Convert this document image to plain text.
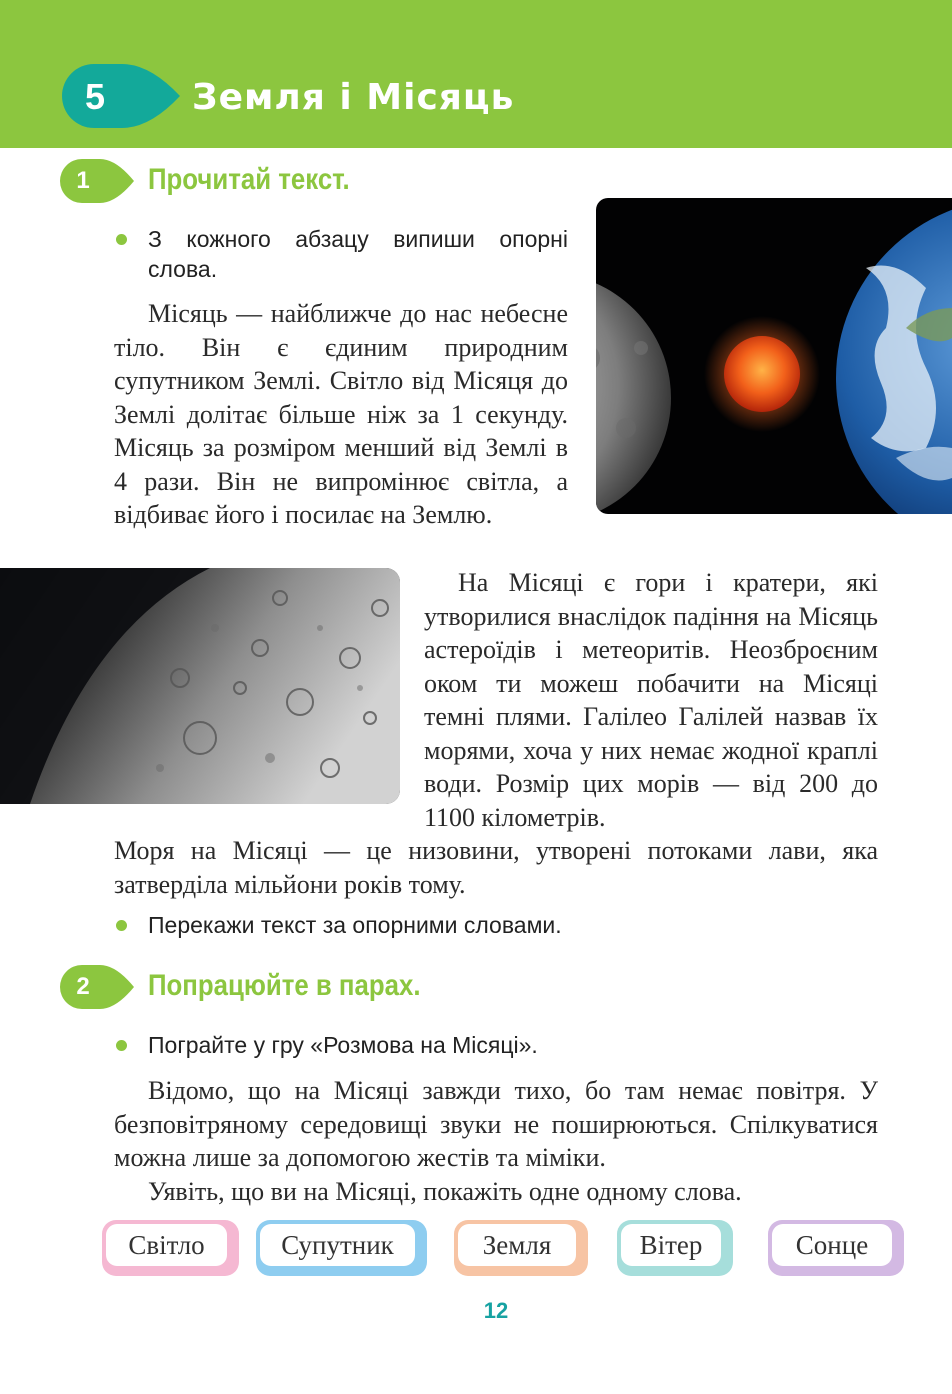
5	Земля і Місяць
1	Прочитай текст.
З кожного абзацу випиши опорні слова.

Місяць — найближче до нас небесне тіло. Він є єдиним природним супутником Землі. Світло від Місяця до Землі долітає більше ніж за 1 секунду. Місяць за розміром менший від Землі в 4 рази. Він не випромінює світла, а відбиває його і посилає на Землю.

На Місяці є гори і кратери, які утворилися внаслідок падіння на Місяць астероїдів і метеоритів. Неозброєним оком ти можеш побачити на Місяці темні плями. Галілео Галілей назвав їх морями, хоча у них немає жодної краплі води. Розмір цих морів — від 200 до 1100 кілометрів.

Моря на Місяці — це низовини, утворені потоками лави, яка затверділа мільйони років тому.

Перекажи текст за опорними словами.
2	Попрацюйте в парах.
Пограйте у гру «Розмова на Місяці».

Відомо, що на Місяці завжди тихо, бо там немає повітря. У безповітряному середовищі звуки не поширюються. Спілкуватися можна лише за допомогою жестів та міміки.

Уявіть, що ви на Місяці, покажіть одне одному слова.

Світло	Супутник	Земля	Вітер	Сонце
12
